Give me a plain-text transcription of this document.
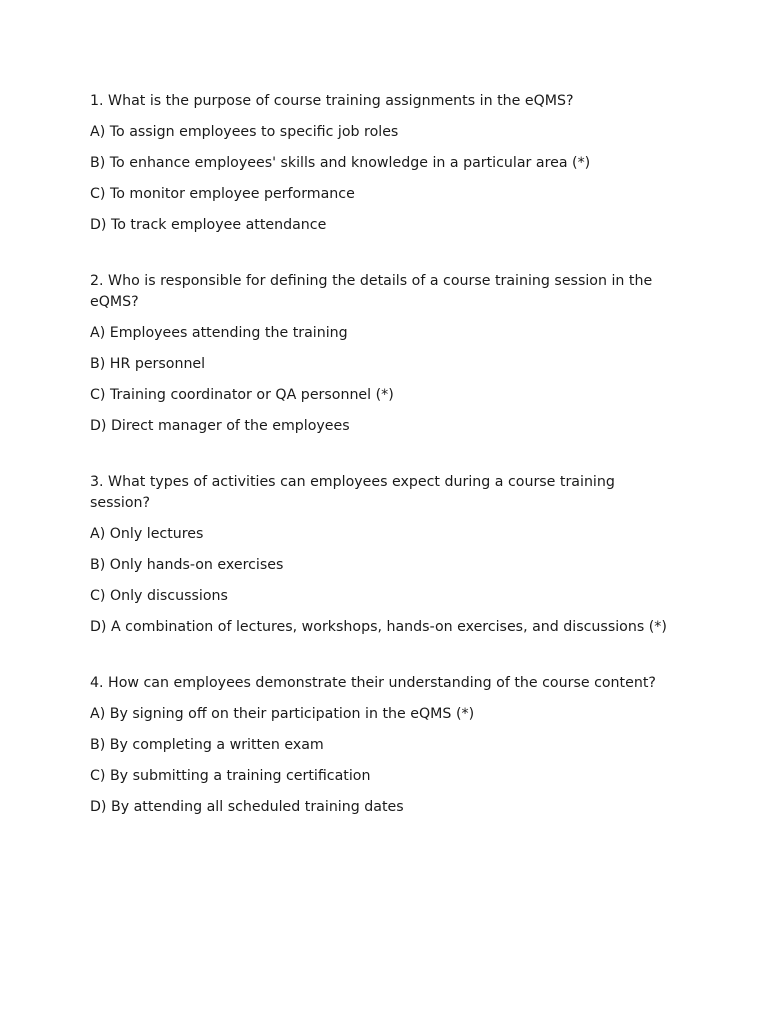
1. What is the purpose of course training assignments in the eQMS?
A) To assign employees to specific job roles
B) To enhance employees' skills and knowledge in a particular area (*)
C) To monitor employee performance
D) To track employee attendance
2. Who is responsible for defining the details of a course training session in the eQMS?
A) Employees attending the training
B) HR personnel
C) Training coordinator or QA personnel (*)
D) Direct manager of the employees
3. What types of activities can employees expect during a course training session?
A) Only lectures
B) Only hands-on exercises
C) Only discussions
D) A combination of lectures, workshops, hands-on exercises, and discussions (*)
4. How can employees demonstrate their understanding of the course content?
A) By signing off on their participation in the eQMS (*)
B) By completing a written exam
C) By submitting a training certification
D) By attending all scheduled training dates
